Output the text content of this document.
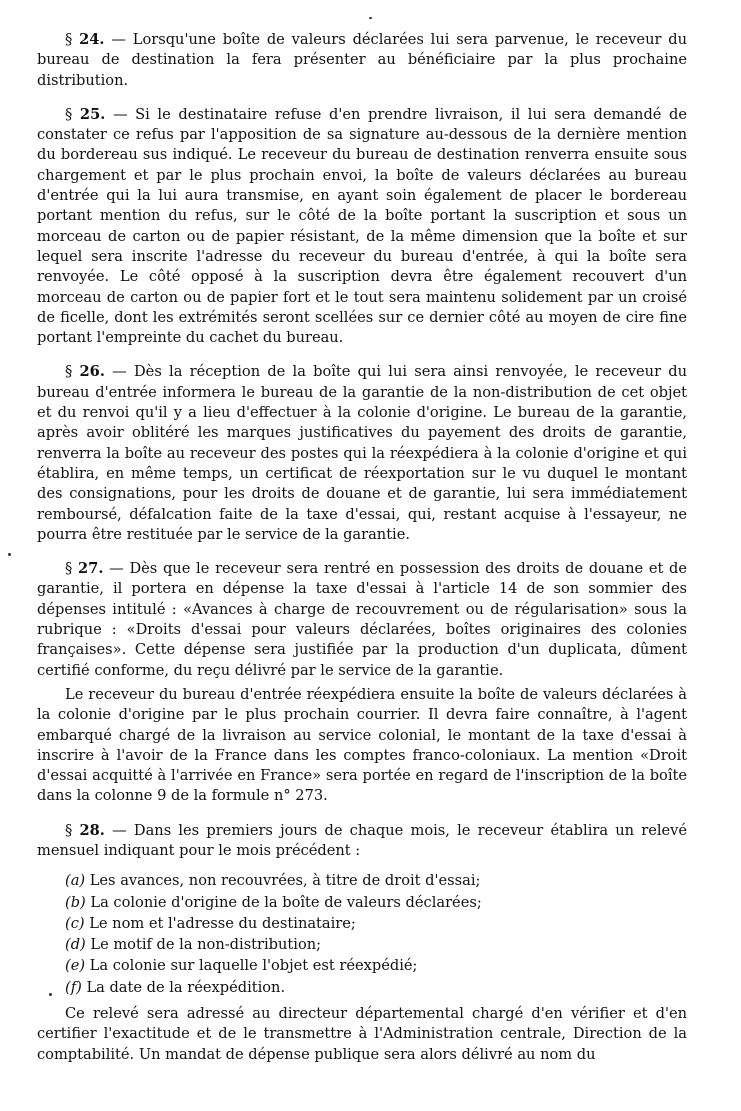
§ 24. — Lorsqu'une boîte de valeurs déclarées lui sera parvenue, le receveur du bureau de destination la fera présenter au bénéficiaire par la plus prochaine distribution.

§ 25. — Si le destinataire refuse d'en prendre livraison, il lui sera demandé de constater ce refus par l'apposition de sa signature au-dessous de la dernière mention du bordereau sus indiqué. Le receveur du bureau de destination renverra ensuite sous chargement et par le plus prochain envoi, la boîte de valeurs déclarées au bureau d'entrée qui la lui aura transmise, en ayant soin également de placer le bordereau portant mention du refus, sur le côté de la boîte portant la suscription et sous un morceau de carton ou de papier résistant, de la même dimension que la boîte et sur lequel sera inscrite l'adresse du receveur du bureau d'entrée, à qui la boîte sera renvoyée. Le côté opposé à la suscription devra être également recouvert d'un morceau de carton ou de papier fort et le tout sera maintenu solidement par un croisé de ficelle, dont les extrémités seront scellées sur ce dernier côté au moyen de cire fine portant l'empreinte du cachet du bureau.

§ 26. — Dès la réception de la boîte qui lui sera ainsi renvoyée, le receveur du bureau d'entrée informera le bureau de la garantie de la non-distribution de cet objet et du renvoi qu'il y a lieu d'effectuer à la colonie d'origine. Le bureau de la garantie, après avoir oblitéré les marques justificatives du payement des droits de garantie, renverra la boîte au receveur des postes qui la réexpédiera à la colonie d'origine et qui établira, en même temps, un certificat de réexportation sur le vu duquel le montant des consignations, pour les droits de douane et de garantie, lui sera immédiatement remboursé, défalcation faite de la taxe d'essai, qui, restant acquise à l'essayeur, ne pourra être restituée par le service de la garantie.

§ 27. — Dès que le receveur sera rentré en possession des droits de douane et de garantie, il portera en dépense la taxe d'essai à l'article 14 de son sommier des dépenses intitulé : «Avances à charge de recouvrement ou de régularisation» sous la rubrique : «Droits d'essai pour valeurs déclarées, boîtes originaires des colonies françaises». Cette dépense sera justifiée par la production d'un duplicata, dûment certifié conforme, du reçu délivré par le service de la garantie.

Le receveur du bureau d'entrée réexpédiera ensuite la boîte de valeurs déclarées à la colonie d'origine par le plus prochain courrier. Il devra faire connaître, à l'agent embarqué chargé de la livraison au service colonial, le montant de la taxe d'essai à inscrire à l'avoir de la France dans les comptes franco-coloniaux. La mention «Droit d'essai acquitté à l'arrivée en France» sera portée en regard de l'inscription de la boîte dans la colonne 9 de la formule n° 273.

§ 28. — Dans les premiers jours de chaque mois, le receveur établira un relevé mensuel indiquant pour le mois précédent :

(a) Les avances, non recouvrées, à titre de droit d'essai;
(b) La colonie d'origine de la boîte de valeurs déclarées;
(c) Le nom et l'adresse du destinataire;
(d) Le motif de la non-distribution;
(e) La colonie sur laquelle l'objet est réexpédié;
(f) La date de la réexpédition.

Ce relevé sera adressé au directeur départemental chargé d'en vérifier et d'en certifier l'exactitude et de le transmettre à l'Administration centrale, Direction de la comptabilité. Un mandat de dépense publique sera alors délivré au nom du
